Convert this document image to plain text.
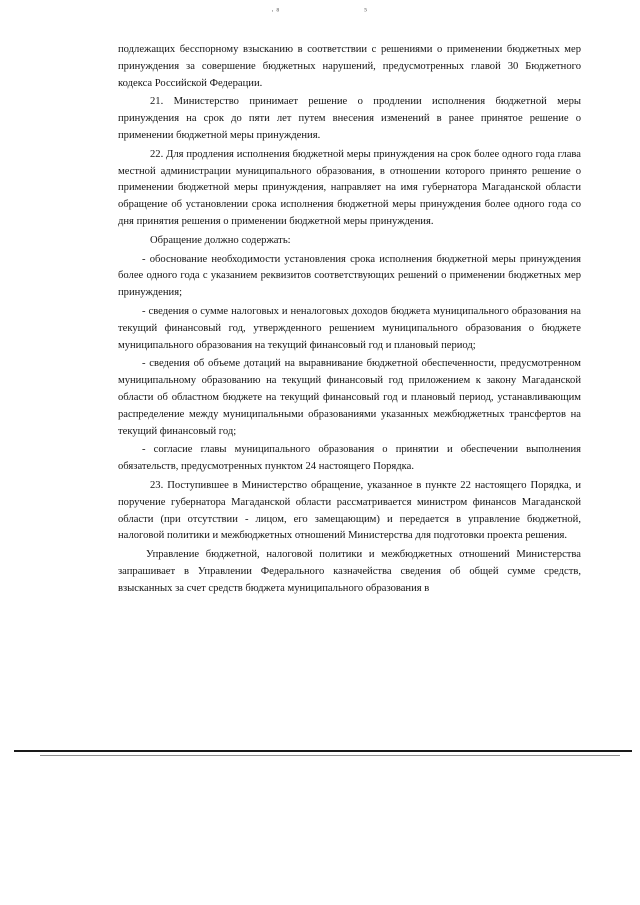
· ⁸	⁵

подлежащих бесспорному взысканию в соответствии с решениями о применении бюджетных мер принуждения за совершение бюджетных нарушений, предусмотренных главой 30 Бюджетного кодекса Российской Федерации.

21. Министерство принимает решение о продлении исполнения бюджетной меры принуждения на срок до пяти лет путем внесения изменений в ранее принятое решение о применении бюджетной меры принуждения.

22. Для продления исполнения бюджетной меры принуждения на срок более одного года глава местной администрации муниципального образования, в отношении которого принято решение о применении бюджетной меры принуждения, направляет на имя губернатора Магаданской области обращение об установлении срока исполнения бюджетной меры принуждения более одного года со дня принятия решения о применении бюджетной меры принуждения.

Обращение должно содержать:

- обоснование необходимости установления срока исполнения бюджетной меры принуждения более одного года с указанием реквизитов соответствующих решений о применении бюджетных мер принуждения;

- сведения о сумме налоговых и неналоговых доходов бюджета муниципального образования на текущий финансовый год, утвержденного решением муниципального образования о бюджете муниципального образования на текущий финансовый год и плановый период;

- сведения об объеме дотаций на выравнивание бюджетной обеспеченности, предусмотренном муниципальному образованию на текущий финансовый год приложением к закону Магаданской области об областном бюджете на текущий финансовый год и плановый период, устанавливающим распределение между муниципальными образованиями указанных межбюджетных трансфертов на текущий финансовый год;

- согласие главы муниципального образования о принятии и обеспечении выполнения обязательств, предусмотренных пунктом 24 настоящего Порядка.

23. Поступившее в Министерство обращение, указанное в пункте 22 настоящего Порядка, и поручение губернатора Магаданской области рассматривается министром финансов Магаданской области (при отсутствии - лицом, его замещающим) и передается в управление бюджетной, налоговой политики и межбюджетных отношений Министерства для подготовки проекта решения.

Управление бюджетной, налоговой политики и межбюджетных отношений Министерства запрашивает в Управлении Федерального казначейства сведения об общей сумме средств, взысканных за счет средств бюджета муниципального образования в
